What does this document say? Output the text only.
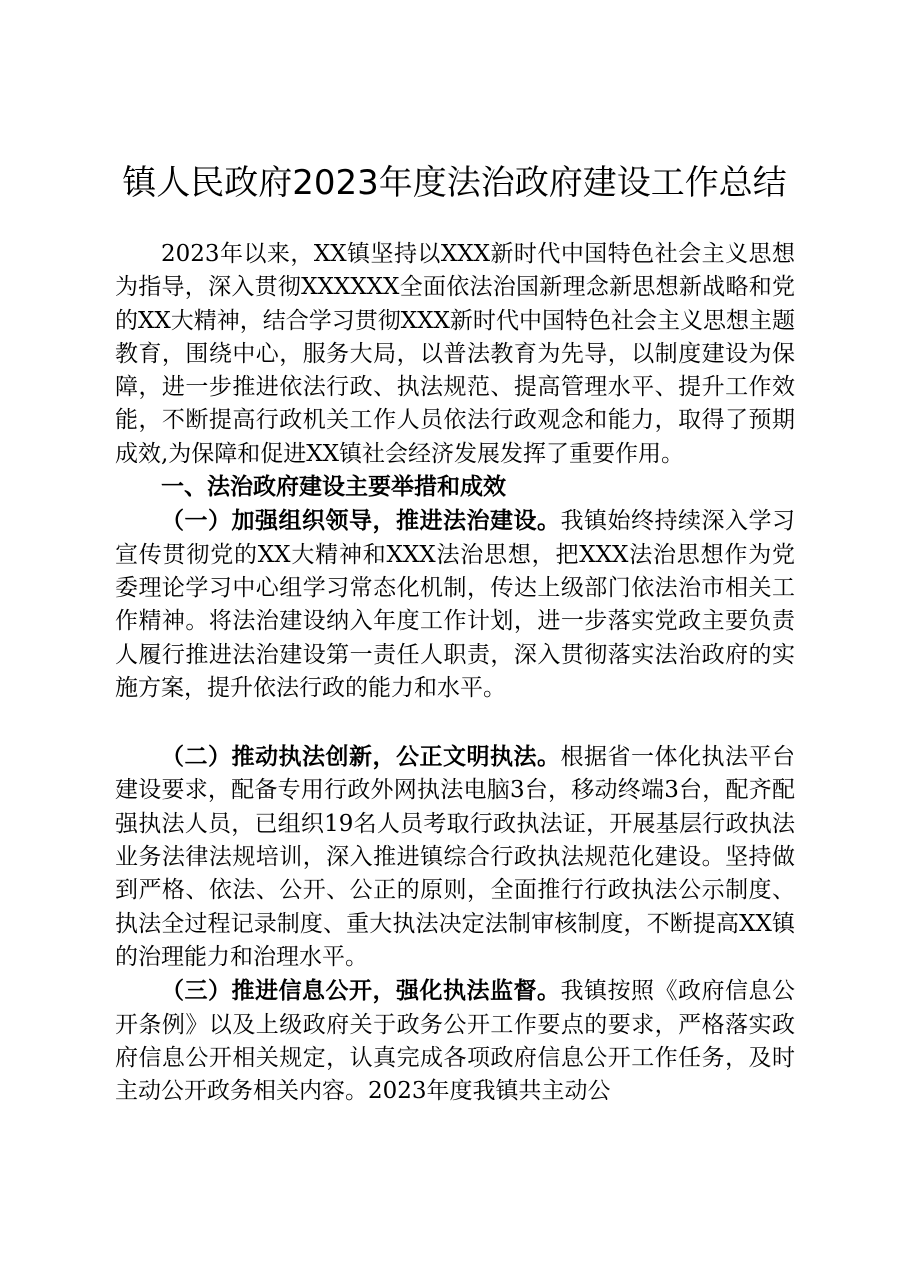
镇人民政府2023年度法治政府建设工作总结

2023年以来，XX镇坚持以XXX新时代中国特色社会主义思想为指导，深入贯彻XXXXXX全面依法治国新理念新思想新战略和党的XX大精神，结合学习贯彻XXX新时代中国特色社会主义思想主题教育，围绕中心，服务大局，以普法教育为先导，以制度建设为保障，进一步推进依法行政、执法规范、提高管理水平、提升工作效能，不断提高行政机关工作人员依法行政观念和能力，取得了预期成效,为保障和促进XX镇社会经济发展发挥了重要作用。

一、法治政府建设主要举措和成效

（一）加强组织领导，推进法治建设。我镇始终持续深入学习宣传贯彻党的XX大精神和XXX法治思想，把XXX法治思想作为党委理论学习中心组学习常态化机制，传达上级部门依法治市相关工作精神。将法治建设纳入年度工作计划，进一步落实党政主要负责人履行推进法治建设第一责任人职责，深入贯彻落实法治政府的实施方案，提升依法行政的能力和水平。

（二）推动执法创新，公正文明执法。根据省一体化执法平台建设要求，配备专用行政外网执法电脑3台，移动终端3台，配齐配强执法人员，已组织19名人员考取行政执法证，开展基层行政执法业务法律法规培训，深入推进镇综合行政执法规范化建设。坚持做到严格、依法、公开、公正的原则，全面推行行政执法公示制度、执法全过程记录制度、重大执法决定法制审核制度，不断提高XX镇的治理能力和治理水平。

（三）推进信息公开，强化执法监督。我镇按照《政府信息公开条例》以及上级政府关于政务公开工作要点的要求，严格落实政府信息公开相关规定，认真完成各项政府信息公开工作任务，及时主动公开政务相关内容。2023年度我镇共主动公
